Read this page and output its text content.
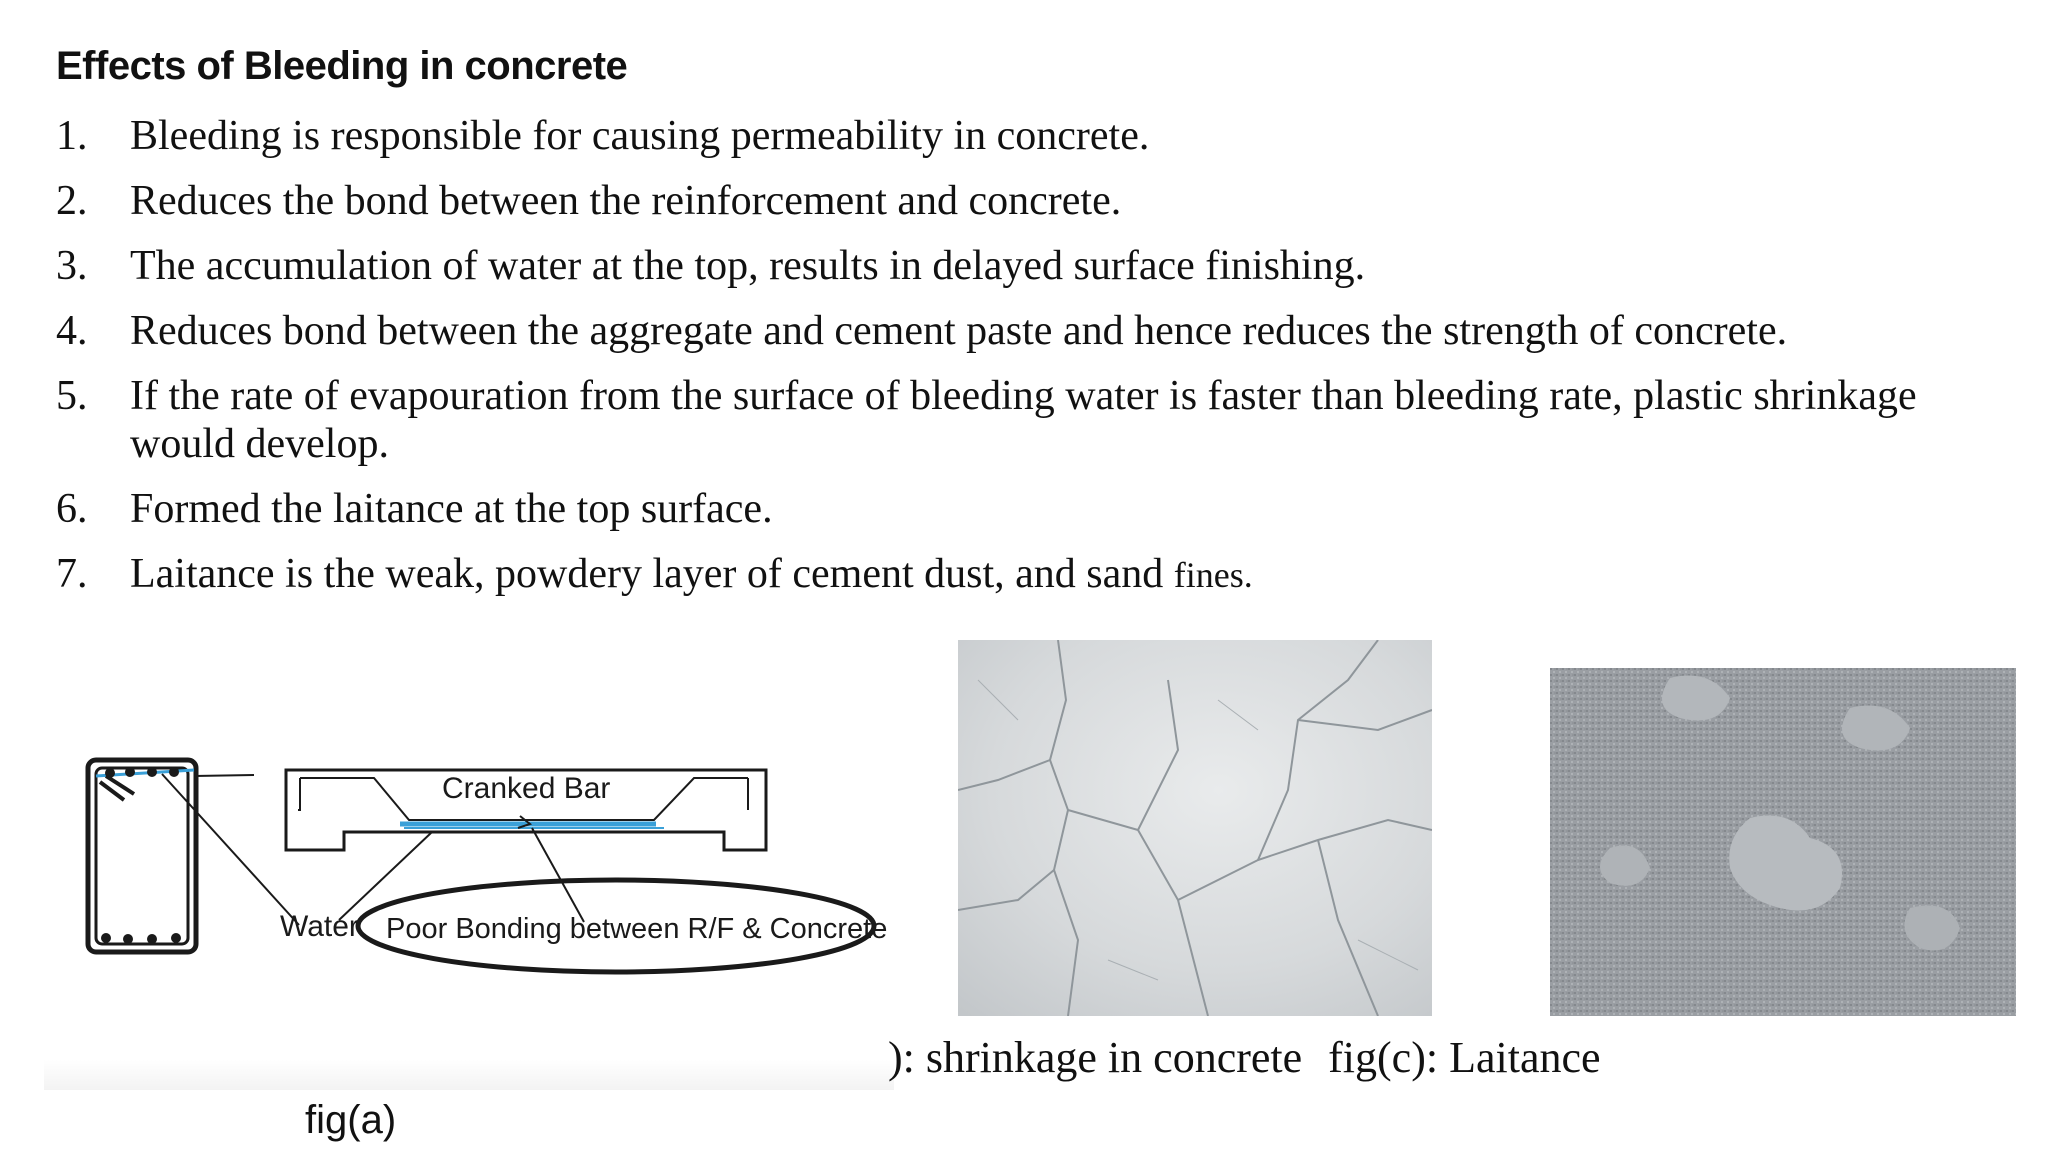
Effects of Bleeding in concrete
1. Bleeding is responsible for causing permeability in concrete.
2. Reduces the bond between the reinforcement and concrete.
3. The accumulation of water at the top, results in delayed surface finishing.
4. Reduces bond between the aggregate and cement paste and hence reduces the strength of concrete.
5. If the rate of evapouration from the surface of bleeding water is faster than bleeding rate, plastic shrinkage would develop.
6. Formed the laitance at the top surface.
7. Laitance is the weak, powdery layer of cement dust, and sand fines.
Cranked Bar
Water Poor Bonding between R/F & Concrete
fig(a)
): shrinkage in concrete fig(c): Laitance
